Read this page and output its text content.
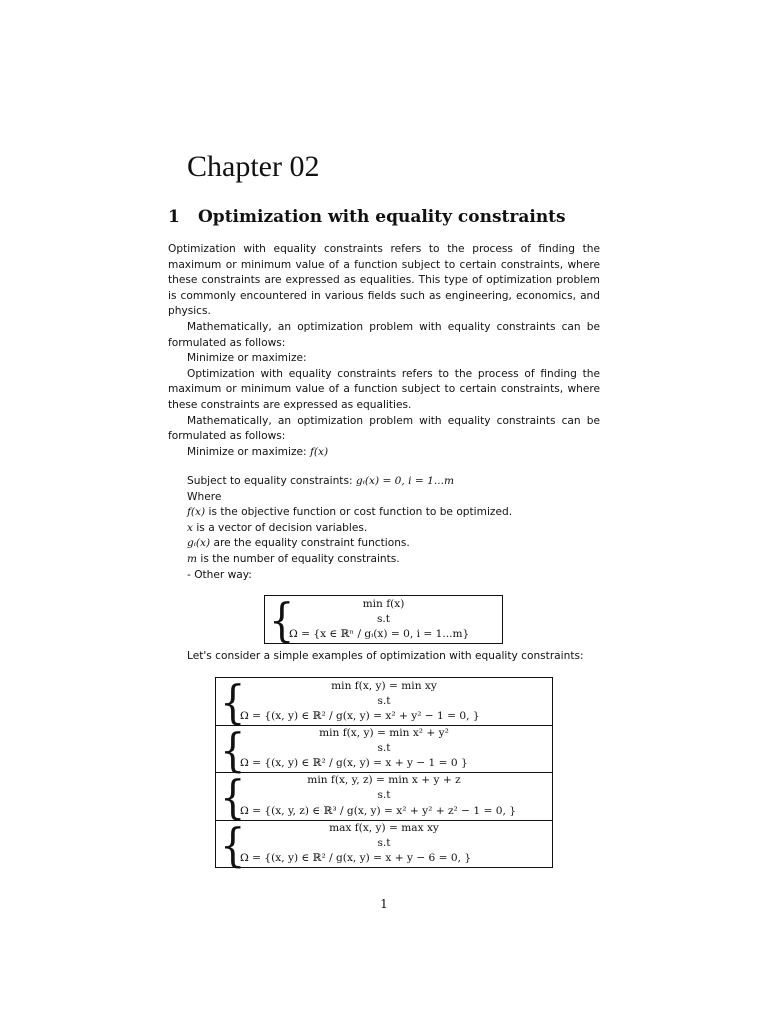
Chapter 02
1 Optimization with equality constraints

Optimization with equality constraints refers to the process of finding the maximum or minimum value of a function subject to certain constraints, where these constraints are expressed as equalities. This type of optimization problem is commonly encountered in various fields such as engineering, economics, and physics.

Mathematically, an optimization problem with equality constraints can be formulated as follows:

Minimize or maximize:

Optimization with equality constraints refers to the process of finding the maximum or minimum value of a function subject to certain constraints, where these constraints are expressed as equalities.

Mathematically, an optimization problem with equality constraints can be formulated as follows:

Minimize or maximize: f(x)

Subject to equality constraints: gᵢ(x) = 0, i = 1...m

Where

f(x) is the objective function or cost function to be optimized.

x is a vector of decision variables.

gᵢ(x) are the equality constraint functions.

m is the number of equality constraints.

- Other way:

{	min f(x)
s.t
Ω = {x ∈ ℝⁿ ∕ gᵢ(x) = 0, i = 1...m}

Let's consider a simple examples of optimization with equality constraints:

{	min f(x, y) = min xy
s.t
Ω = {(x, y) ∈ ℝ² ∕ g(x, y) = x² + y² − 1 = 0, }
{	min f(x, y) = min x² + y²
s.t
Ω = {(x, y) ∈ ℝ² ∕ g(x, y) = x + y − 1 = 0 }
{	min f(x, y, z) = min x + y + z
s.t
Ω = {(x, y, z) ∈ ℝ³ ∕ g(x, y) = x² + y² + z² − 1 = 0, }
{	max f(x, y) = max xy
s.t
Ω = {(x, y) ∈ ℝ² ∕ g(x, y) = x + y − 6 = 0, }
1
